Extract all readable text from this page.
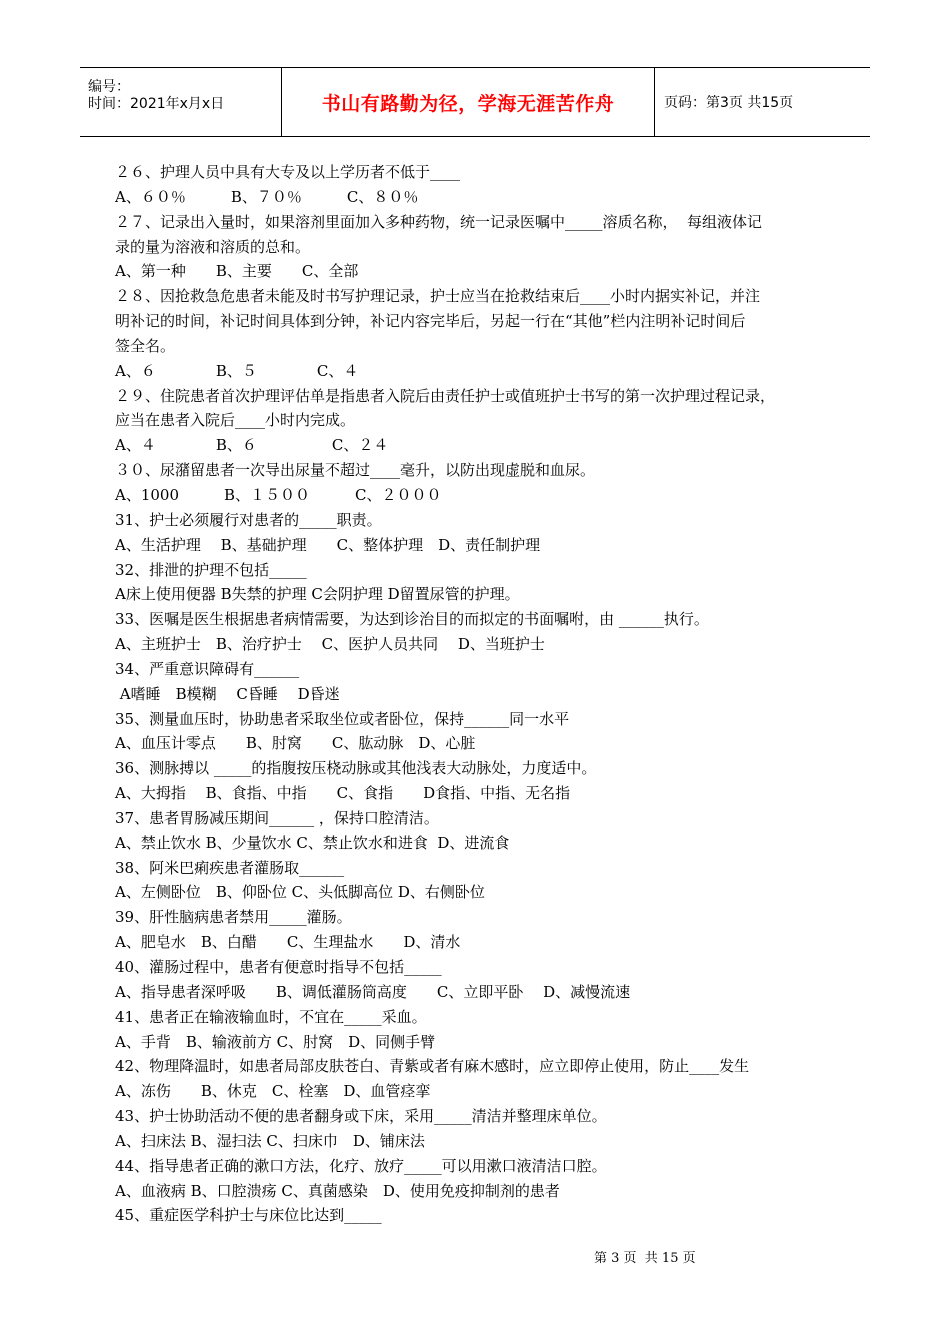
编号：
时间：2021年x月x日	书山有路勤为径，学海无涯苦作舟	页码：第3页 共15页
２６、护理人员中具有大专及以上学历者不低于____
A、６０％　　　B、７０％　　　C、８０％
２７、记录出入量时，如果溶剂里面加入多种药物，统一记录医嘱中_____溶质名称，  每组液体记
录的量为溶液和溶质的总和。
A、第一种　　B、主要　　C、全部
２８、因抢救急危患者未能及时书写护理记录，护士应当在抢救结束后____小时内据实补记，并注
明补记的时间，补记时间具体到分钟，补记内容完毕后，另起一行在“其他”栏内注明补记时间后
签全名。
A、６　　　　B、５　　　　C、４
２９、住院患者首次护理评估单是指患者入院后由责任护士或值班护士书写的第一次护理过程记录，
应当在患者入院后____小时内完成。
A、４　　　　B、６　　　　　C、２４
３０、尿潴留患者一次导出尿量不超过____毫升，以防出现虚脱和血尿。
A、1000　　　B、１５００　　　C、２０００
31、护士必须履行对患者的_____职责。
A、生活护理　 B、基础护理　　C、整体护理　D、责任制护理
32、排泄的护理不包括_____
A床上使用便器 B失禁的护理 C会阴护理 D留置尿管的护理。
33、医嘱是医生根据患者病情需要，为达到诊治目的而拟定的书面嘱咐，由 ______执行。
A、主班护士　B、治疗护士　 C、医护人员共同　 D、当班护士
34、严重意识障碍有______
A嗜睡　B模糊　 C昏睡　 D昏迷
35、测量血压时，协助患者采取坐位或者卧位，保持______同一水平
A、血压计零点　　B、肘窝　　C、肱动脉　D、心脏
36、测脉搏以 _____的指腹按压桡动脉或其他浅表大动脉处，力度适中。
A、大拇指　 B、食指、中指　　C、食指　　D食指、中指、无名指
37、患者胃肠减压期间______ ，保持口腔清洁。
A、禁止饮水 B、少量饮水 C、禁止饮水和进食  D、进流食
38、阿米巴痢疾患者灌肠取______
A、左侧卧位　B、仰卧位 C、头低脚高位 D、右侧卧位
39、肝性脑病患者禁用_____灌肠。
A、肥皂水　B、白醋　　C、生理盐水　　D、清水
40、灌肠过程中，患者有便意时指导不包括_____
A、指导患者深呼吸　　B、调低灌肠筒高度　　C、立即平卧　 D、减慢流速
41、患者正在输液输血时，不宜在_____采血。
A、手背　B、输液前方 C、肘窝　D、同侧手臂
42、物理降温时，如患者局部皮肤苍白、青紫或者有麻木感时，应立即停止使用，防止____发生
A、冻伤　　B、休克　C、栓塞　D、血管痉挛
43、护士协助活动不便的患者翻身或下床，采用_____清洁并整理床单位。
A、扫床法 B、湿扫法 C、扫床巾　D、铺床法
44、指导患者正确的漱口方法，化疗、放疗_____可以用漱口液清洁口腔。
A、血液病 B、口腔溃疡 C、真菌感染　D、使用免疫抑制剂的患者
45、重症医学科护士与床位比达到_____
第 3 页  共 15 页
